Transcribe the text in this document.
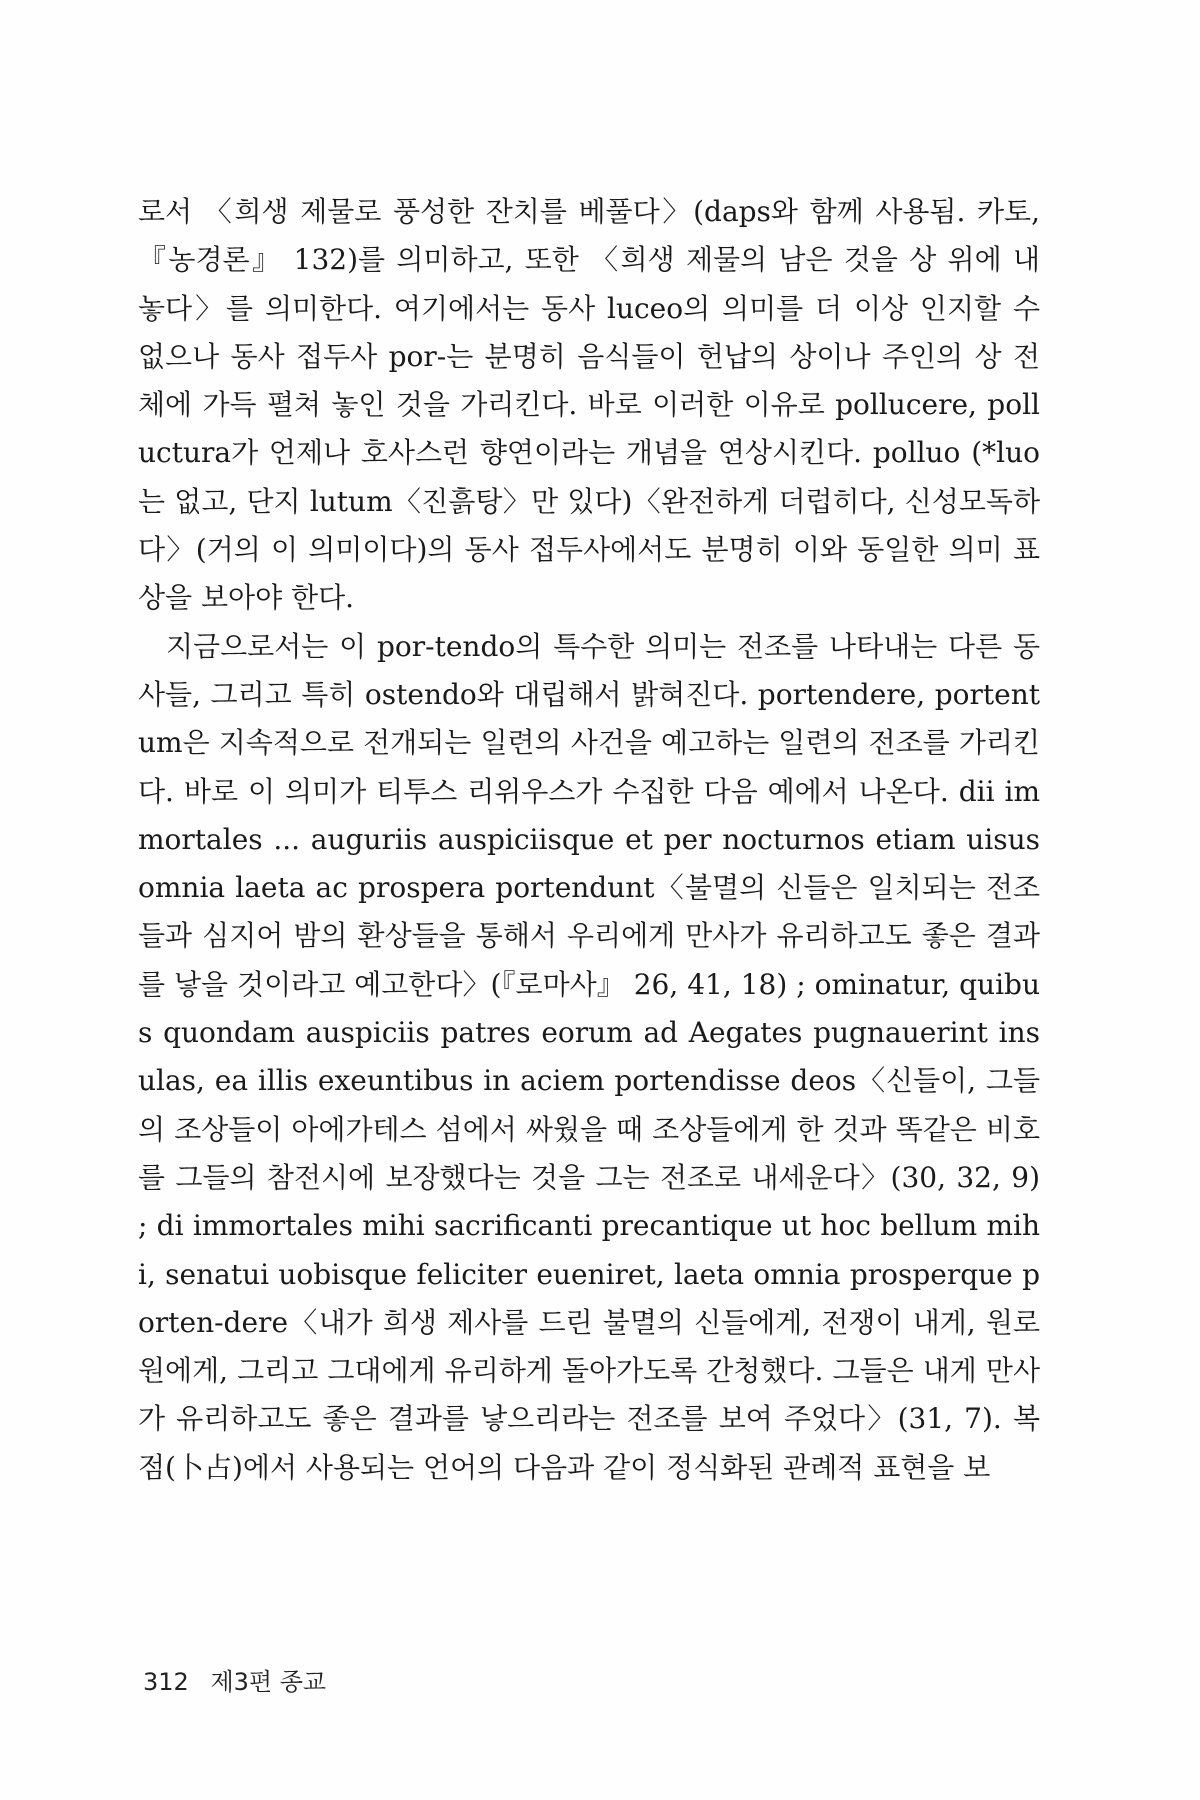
로서 〈희생 제물로 풍성한 잔치를 베풀다〉(daps와 함께 사용됨. 카토, 『농경론』 132)를 의미하고, 또한 〈희생 제물의 남은 것을 상 위에 내 놓다〉를 의미한다. 여기에서는 동사 luceo의 의미를 더 이상 인지할 수 없으나 동사 접두사 por-는 분명히 음식들이 헌납의 상이나 주인의 상 전체에 가득 펼쳐 놓인 것을 가리킨다. 바로 이러한 이유로 pollucere, polluctura가 언제나 호사스런 향연이라는 개념을 연상시킨다. polluo (*luo는 없고, 단지 lutum〈진흙탕〉만 있다)〈완전하게 더럽히다, 신성모독하다〉(거의 이 의미이다)의 동사 접두사에서도 분명히 이와 동일한 의미 표상을 보아야 한다.

지금으로서는 이 por-tendo의 특수한 의미는 전조를 나타내는 다른 동사들, 그리고 특히 ostendo와 대립해서 밝혀진다. portendere, portentum은 지속적으로 전개되는 일련의 사건을 예고하는 일련의 전조를 가리킨다. 바로 이 의미가 티투스 리위우스가 수집한 다음 예에서 나온다. dii immortales ... auguriis auspiciisque et per nocturnos etiam uisus omnia laeta ac prospera portendunt〈불멸의 신들은 일치되는 전조들과 심지어 밤의 환상들을 통해서 우리에게 만사가 유리하고도 좋은 결과를 낳을 것이라고 예고한다〉(『로마사』 26, 41, 18) ; ominatur, quibus quondam auspiciis patres eorum ad Aegates pugnauerint insulas, ea illis exeuntibus in aciem portendisse deos〈신들이, 그들의 조상들이 아에가테스 섬에서 싸웠을 때 조상들에게 한 것과 똑같은 비호를 그들의 참전시에 보장했다는 것을 그는 전조로 내세운다〉(30, 32, 9) ; di immortales mihi sacrificanti precantique ut hoc bellum mihi, senatui uobisque feliciter eueniret, laeta omnia prosperque porten-dere〈내가 희생 제사를 드린 불멸의 신들에게, 전쟁이 내게, 원로원에게, 그리고 그대에게 유리하게 돌아가도록 간청했다. 그들은 내게 만사가 유리하고도 좋은 결과를 낳으리라는 전조를 보여 주었다〉(31, 7). 복점(卜占)에서 사용되는 언어의 다음과 같이 정식화된 관례적 표현을 보

312 제3편 종교
